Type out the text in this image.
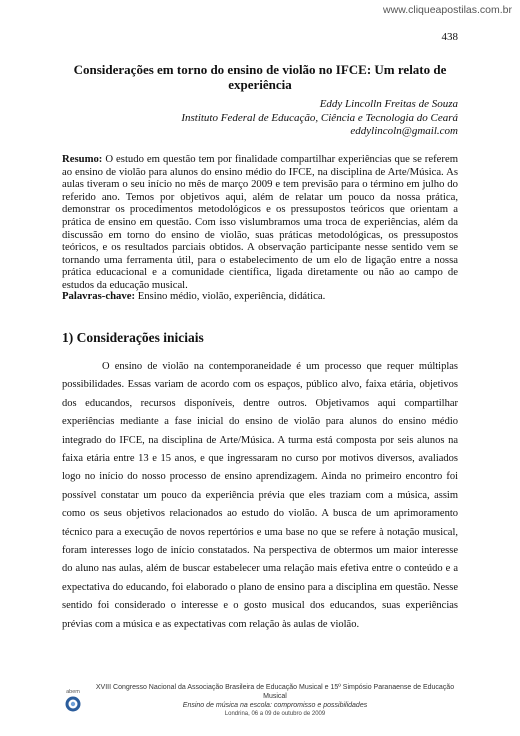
www.cliqueapostilas.com.br
438
Considerações em torno do ensino de violão no IFCE: Um relato de experiência
Eddy Lincolln Freitas de Souza
Instituto Federal de Educação, Ciência e Tecnologia do Ceará
eddylincoln@gmail.com

Resumo: O estudo em questão tem por finalidade compartilhar experiências que se referem ao ensino de violão para alunos do ensino médio do IFCE, na disciplina de Arte/Música. As aulas tiveram o seu início no mês de março 2009 e tem previsão para o término em julho do referido ano. Temos por objetivos aqui, além de relatar um pouco da nossa prática, demonstrar os procedimentos metodológicos e os pressupostos teóricos que orientam a prática de ensino em questão. Com isso vislumbramos uma troca de experiências, além da discussão em torno do ensino de violão, suas práticas metodológicas, os pressupostos teóricos, e os resultados parciais obtidos. A observação participante nesse sentido vem se tornando uma ferramenta útil, para o estabelecimento de um elo de ligação entre a nossa prática educacional e a comunidade científica, ligada diretamente ou não ao campo de estudos da educação musical.

Palavras-chave: Ensino médio, violão, experiência, didática.

1) Considerações iniciais

O ensino de violão na contemporaneidade é um processo que requer múltiplas possibilidades. Essas variam de acordo com os espaços, público alvo, faixa etária, objetivos dos educandos, recursos disponíveis, dentre outros. Objetivamos aqui compartilhar experiências mediante a fase inicial do ensino de violão para alunos do ensino médio integrado do IFCE, na disciplina de Arte/Música. A turma está composta por seis alunos na faixa etária entre 13 e 15 anos, e que ingressaram no curso por motivos diversos, avaliados logo no início do nosso processo de ensino aprendizagem. Ainda no primeiro encontro foi possível constatar um pouco da experiência prévia que eles traziam com a música, assim como os seus objetivos relacionados ao estudo do violão. A busca de um aprimoramento técnico para a execução de novos repertórios e uma base no que se refere à notação musical, foram interesses logo de início constatados. Na perspectiva de obtermos um maior interesse do aluno nas aulas, além de buscar estabelecer uma relação mais efetiva entre o conteúdo e a expectativa do educando, foi elaborado o plano de ensino para a disciplina em questão. Nesse sentido foi considerado o interesse e o gosto musical dos educandos, suas experiências prévias com a música e as expectativas com relação às aulas de violão.

abem
XVIII Congresso Nacional da Associação Brasileira de Educação Musical e 15º Simpósio Paranaense de Educação Musical
Ensino de música na escola: compromisso e possibilidades
Londrina, 06 a 09 de outubro de 2009
